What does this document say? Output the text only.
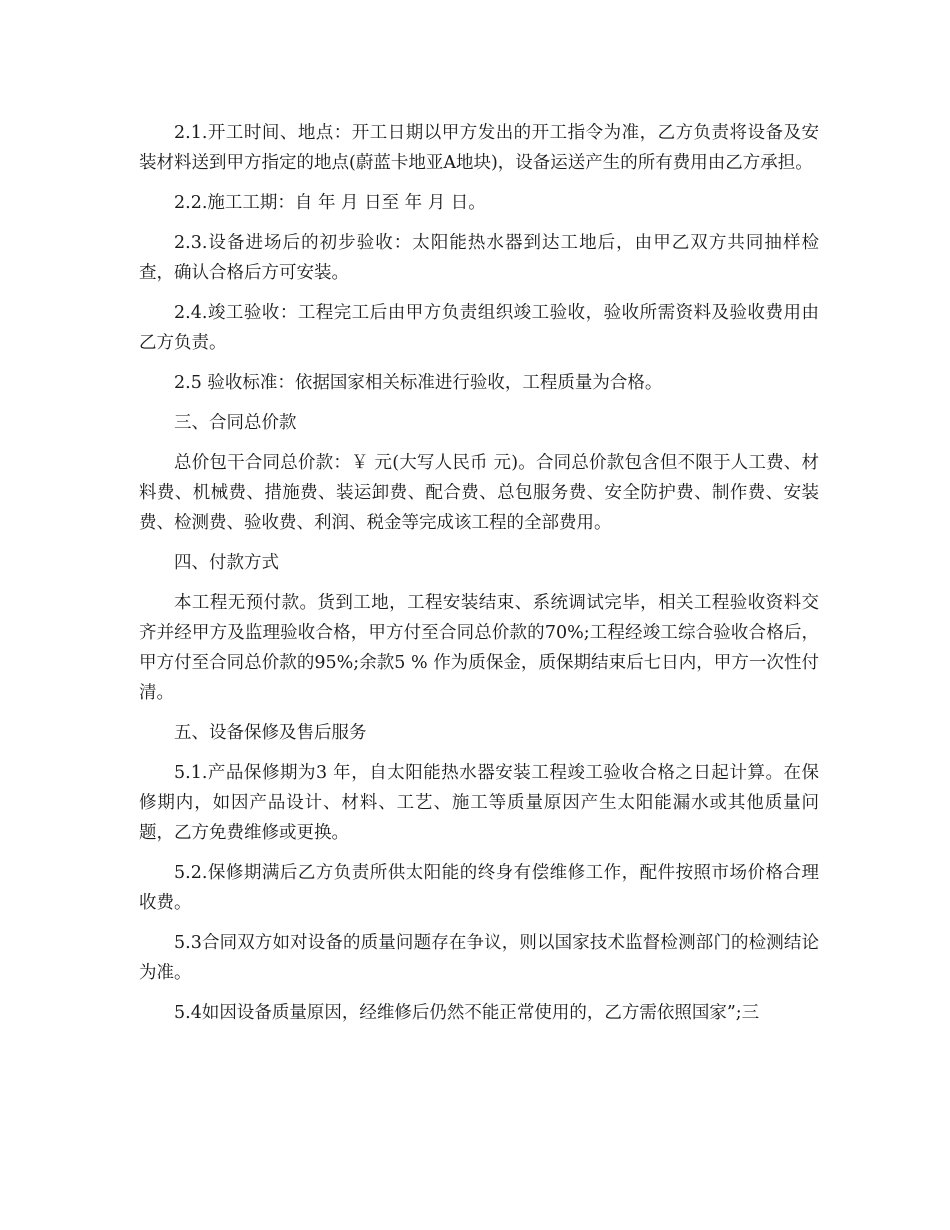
2.1.开工时间、地点：开工日期以甲方发出的开工指令为准，乙方负责将设备及安装材料送到甲方指定的地点(蔚蓝卡地亚A地块)，设备运送产生的所有费用由乙方承担。

2.2.施工工期：自 年 月 日至 年 月 日。

2.3.设备进场后的初步验收：太阳能热水器到达工地后，由甲乙双方共同抽样检查，确认合格后方可安装。

2.4.竣工验收：工程完工后由甲方负责组织竣工验收，验收所需资料及验收费用由乙方负责。

2.5 验收标准：依据国家相关标准进行验收，工程质量为合格。

三、合同总价款

总价包干合同总价款：￥ 元(大写人民币 元)。合同总价款包含但不限于人工费、材料费、机械费、措施费、装运卸费、配合费、总包服务费、安全防护费、制作费、安装费、检测费、验收费、利润、税金等完成该工程的全部费用。

四、付款方式

本工程无预付款。货到工地，工程安装结束、系统调试完毕，相关工程验收资料交齐并经甲方及监理验收合格，甲方付至合同总价款的70%;工程经竣工综合验收合格后，甲方付至合同总价款的95%;余款5 % 作为质保金，质保期结束后七日内，甲方一次性付清。

五、设备保修及售后服务

5.1.产品保修期为3 年，自太阳能热水器安装工程竣工验收合格之日起计算。在保修期内，如因产品设计、材料、工艺、施工等质量原因产生太阳能漏水或其他质量问题，乙方免费维修或更换。

5.2.保修期满后乙方负责所供太阳能的终身有偿维修工作，配件按照市场价格合理收费。

5.3合同双方如对设备的质量问题存在争议，则以国家技术监督检测部门的检测结论为准。

5.4如因设备质量原因，经维修后仍然不能正常使用的，乙方需依照国家”;三
